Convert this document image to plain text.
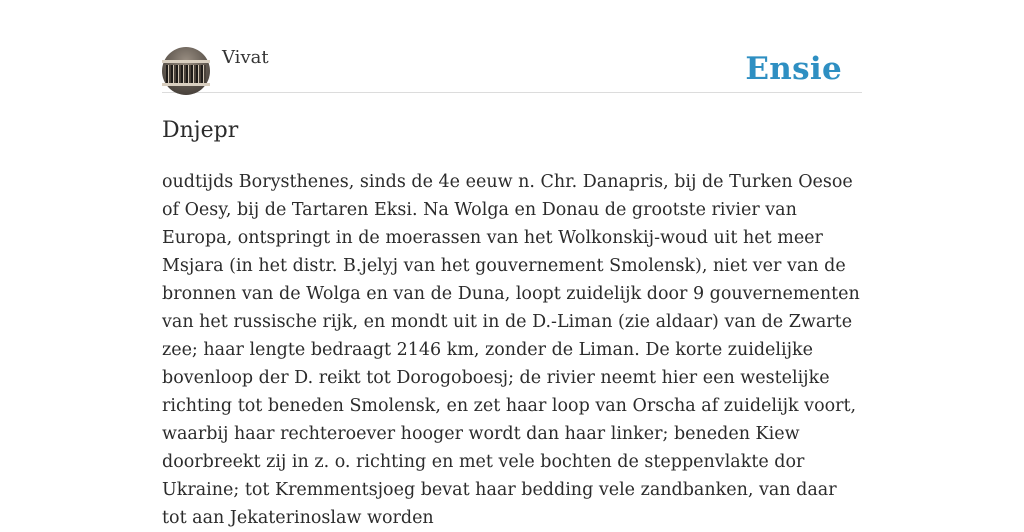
Vivat	Ensie
Dnjepr

oudtijds Borysthenes, sinds de 4e eeuw n. Chr. Danapris, bij de Turken Oesoe of Oesy, bij de Tartaren Eksi. Na Wolga en Donau de grootste rivier van Europa, ontspringt in de moerassen van het Wolkonskij-woud uit het meer Msjara (in het distr. B.jelyj van het gouvernement Smolensk), niet ver van de bronnen van de Wolga en van de Duna, loopt zuidelijk door 9 gouvernementen van het russische rijk, en mondt uit in de D.-Liman (zie aldaar) van de Zwarte zee; haar lengte bedraagt 2146 km, zonder de Liman. De korte zuidelijke bovenloop der D. reikt tot Dorogoboesj; de rivier neemt hier een westelijke richting tot beneden Smolensk, en zet haar loop van Orscha af zuidelijk voort, waarbij haar rechteroever hooger wordt dan haar linker; beneden Kiew doorbreekt zij in z. o. richting en met vele bochten de steppenvlakte dor Ukraine; tot Kremmentsjoeg bevat haar bedding vele zandbanken, van daar tot aan Jekaterinoslaw worden
